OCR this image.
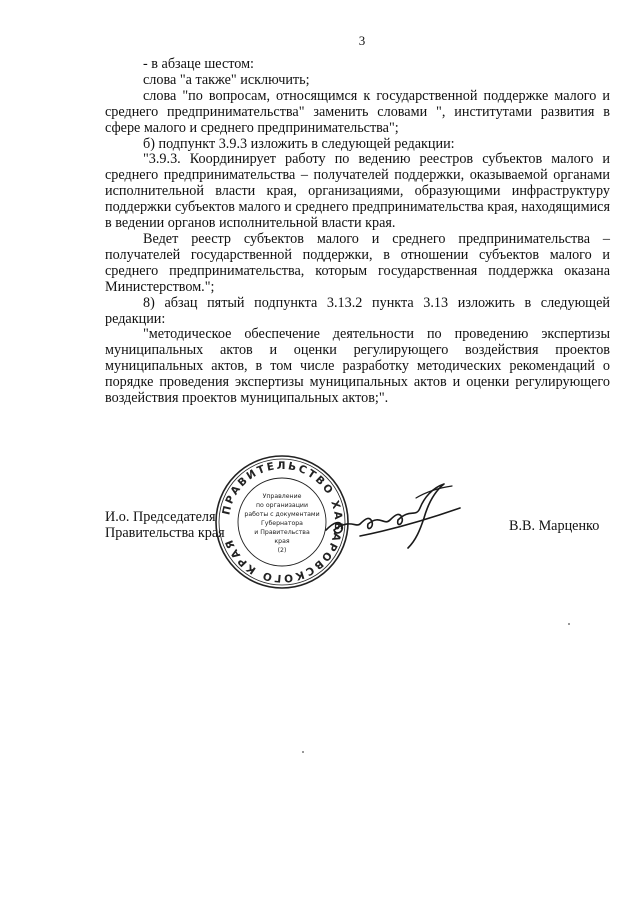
3

- в абзаце шестом:

слова "а также" исключить;

слова "по вопросам, относящимся к государственной поддержке малого и среднего предпринимательства" заменить словами ", институтами развития в сфере малого и среднего предпринимательства";

б) подпункт 3.9.3 изложить в следующей редакции:

"3.9.3. Координирует работу по ведению реестров субъектов малого и среднего предпринимательства – получателей поддержки, оказываемой органами исполнительной власти края, организациями, образующими инфраструктуру поддержки субъектов малого и среднего предпринимательства края, находящимися в ведении органов исполнительной власти края.

Ведет реестр субъектов малого и среднего предпринимательства – получателей государственной поддержки, в отношении субъектов малого и среднего предпринимательства, которым государственная поддержка оказана Министерством.";

8) абзац пятый подпункта 3.13.2 пункта 3.13 изложить в следующей редакции:

"методическое обеспечение деятельности по проведению экспертизы муниципальных актов и оценки регулирующего воздействия проектов муниципальных актов, в том числе разработку методических рекомендаций о порядке проведения экспертизы муниципальных актов и оценки регулирующего воздействия проектов муниципальных актов;".

И.о. Председателя
Правительства края
ПРАВИТЕЛЬСТВО ХАБАРОВСКОГО КРАЯ
Управление
по организации
работы с документами
Губернатора
и Правительства
края
(2)
В.В. Марценко
